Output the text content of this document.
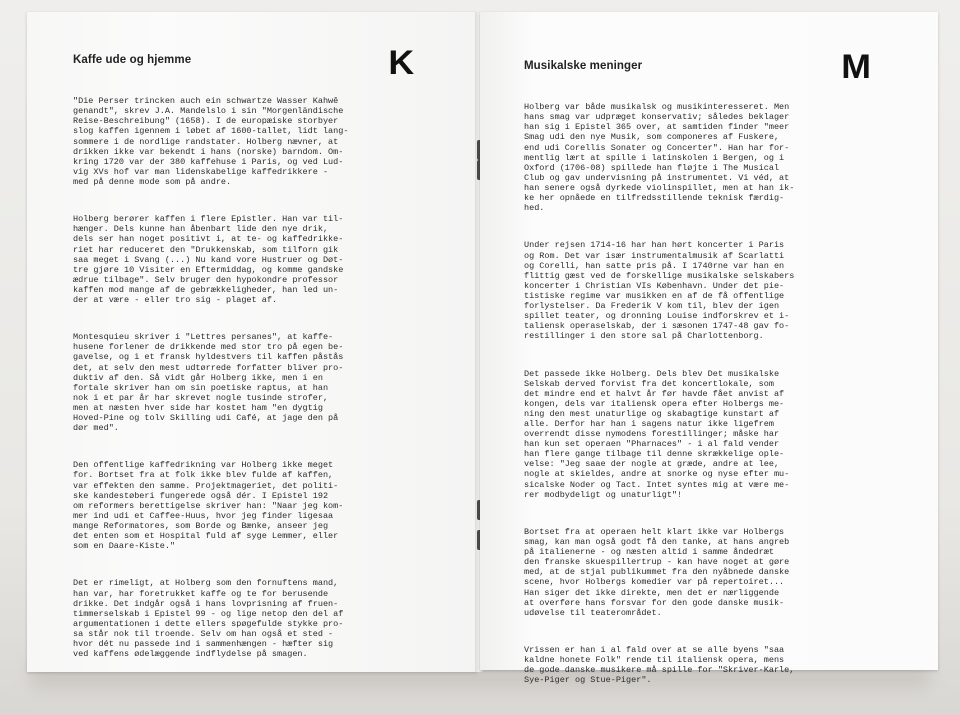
Kaffe ude og hjemme	K

"Die Perser trincken auch ein schwartze Wasser Kahwê
genandt", skrev J.A. Mandelslo i sin "Morgenländische
Reise-Beschreibung" (1658). I de europæiske storbyer
slog kaffen igennem i løbet af 1600-tallet, lidt lang-
sommere i de nordlige randstater. Holberg nævner, at
drikken ikke var bekendt i hans (norske) barndom. Om-
kring 1720 var der 380 kaffehuse i Paris, og ved Lud-
vig XVs hof var man lidenskabelige kaffedrikkere -
med på denne mode som på andre.

Holberg berører kaffen i flere Epistler. Han var til-
hænger. Dels kunne han åbenbart lide den nye drik,
dels ser han noget positivt i, at te- og kaffedrikke-
riet har reduceret den "Drukkenskab, som tilforn gik
saa meget i Svang (...) Nu kand vore Hustruer og Døt-
tre gjøre 10 Visiter en Eftermiddag, og komme gandske
ædrue tilbage". Selv bruger den hypokondre professor
kaffen mod mange af de gebrækkeligheder, han led un-
der at være - eller tro sig - plaget af.

Montesquieu skriver i "Lettres persanes", at kaffe-
husene forlener de drikkende med stor tro på egen be-
gavelse, og i et fransk hyldestvers til kaffen påstås
det, at selv den mest udtørrede forfatter bliver pro-
duktiv af den. Så vidt går Holberg ikke, men i en
fortale skriver han om sin poetiske raptus, at han
nok i et par år har skrevet nogle tusinde strofer,
men at næsten hver side har kostet ham "en dygtig
Hoved-Pine og tolv Skilling udi Café, at jage den på
dør med".

Den offentlige kaffedrikning var Holberg ikke meget
for. Bortset fra at folk ikke blev fulde af kaffen,
var effekten den samme. Projektmageriet, det politi-
ske kandestøberi fungerede også dér. I Epistel 192
om reformers berettigelse skriver han: "Naar jeg kom-
mer ind udi et Caffee-Huus, hvor jeg finder ligesaa
mange Reformatores, som Borde og Bænke, anseer jeg
det enten som et Hospital fuld af syge Lemmer, eller
som en Daare-Kiste."

Det er rimeligt, at Holberg som den fornuftens mand,
han var, har foretrukket kaffe og te for berusende
drikke. Det indgår også i hans lovprisning af fruen-
timmerselskab i Epistel 99 - og lige netop den del af
argumentationen i dette ellers spøgefulde stykke pro-
sa står nok til troende. Selv om han også et sted -
hvor dét nu passede ind i sammenhængen - hæfter sig
ved kaffens ødelæggende indflydelse på smagen.

Musikalske meninger	M

Holberg var både musikalsk og musikinteresseret. Men
hans smag var udpræget konservativ; således beklager
han sig i Epistel 365 over, at samtiden finder "meer
Smag udi den nye Musik, som componeres af Fuskere,
end udi Corellis Sonater og Concerter". Han har for-
mentlig lært at spille i latinskolen i Bergen, og i
Oxford (1706-08) spillede han fløjte i The Musical
Club og gav undervisning på instrumentet. Vi véd, at
han senere også dyrkede violinspillet, men at han ik-
ke her opnåede en tilfredsstillende teknisk færdig-
hed.

Under rejsen 1714-16 har han hørt koncerter i Paris
og Rom. Det var især instrumentalmusik af Scarlatti
og Corelli, han satte pris på. I 1740rne var han en
flittig gæst ved de forskellige musikalske selskabers
koncerter i Christian VIs København. Under det pie-
tistiske regime var musikken en af de få offentlige
forlystelser. Da Frederik V kom til, blev der igen
spillet teater, og dronning Louise indforskrev et i-
taliensk operaselskab, der i sæsonen 1747-48 gav fo-
restillinger i den store sal på Charlottenborg.

Det passede ikke Holberg. Dels blev Det musikalske
Selskab derved forvist fra det koncertlokale, som
det mindre end et halvt år før havde fået anvist af
kongen, dels var italiensk opera efter Holbergs me-
ning den mest unaturlige og skabagtige kunstart af
alle. Derfor har han i sagens natur ikke ligefrem
overrendt disse nymodens forestillinger; måske har
han kun set operaen "Pharnaces" - i al fald vender
han flere gange tilbage til denne skrækkelige ople-
velse: "Jeg saae der nogle at græde, andre at lee,
nogle at skieldes, andre at snorke og nyse efter mu-
sicalske Noder og Tact. Intet syntes mig at være me-
rer modbydeligt og unaturligt"!

Bortset fra at operaen helt klart ikke var Holbergs
smag, kan man også godt få den tanke, at hans angreb
på italienerne - og næsten altid i samme åndedræt
den franske skuespillertrup - kan have noget at gøre
med, at de stjal publikummet fra den nyåbnede danske
scene, hvor Holbergs komedier var på repertoiret...
Han siger det ikke direkte, men det er nærliggende
at overføre hans forsvar for den gode danske musik-
udøvelse til teaterområdet.

Vrissen er han i al fald over at se alle byens "saa
kaldne honete Folk" rende til italiensk opera, mens
de gode danske musikere må spille for "Skriver-Karle,
Sye-Piger og Stue-Piger".
